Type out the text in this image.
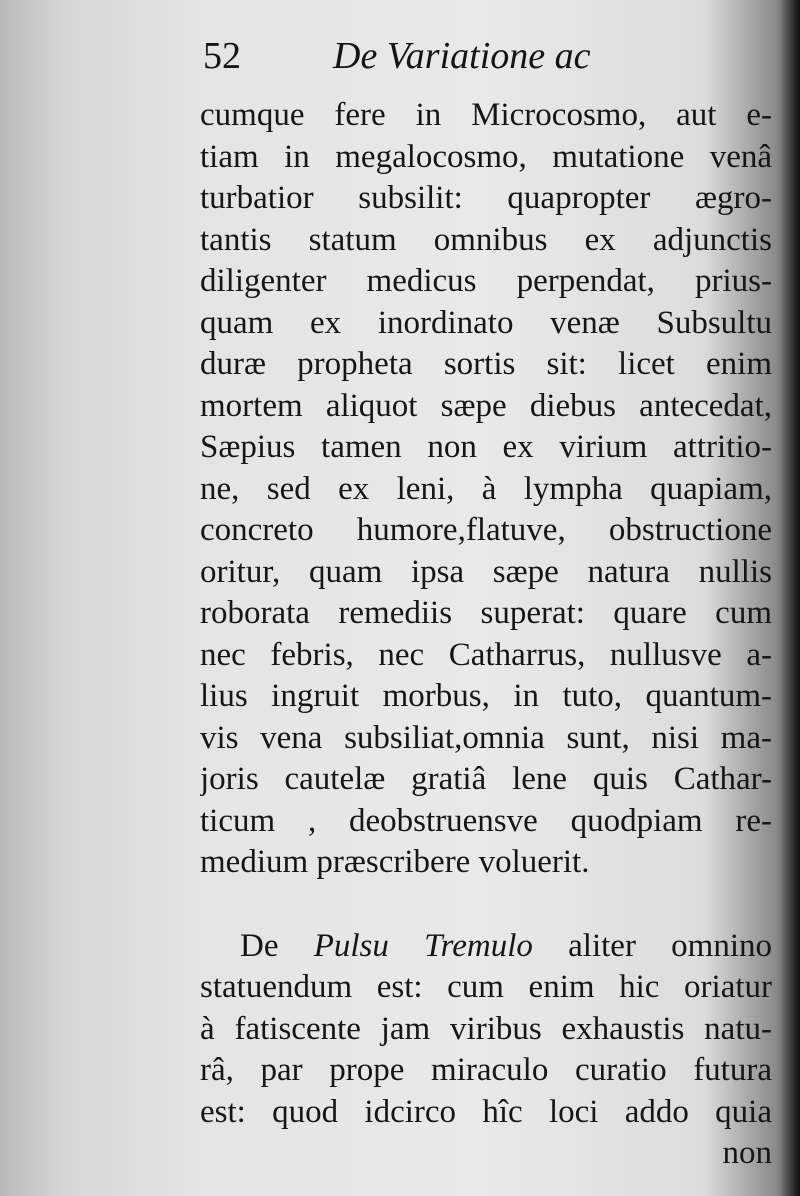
52 De Variatione ac
cumque fere in Microcosmo, aut e-
tiam in megalocosmo, mutatione venâ
turbatior subsilit: quapropter ægro-
tantis statum omnibus ex adjunctis
diligenter medicus perpendat, prius-
quam ex inordinato venæ Subsultu
duræ propheta sortis sit: licet enim
mortem aliquot sæpe diebus antecedat,
Sæpius tamen non ex virium attritio-
ne, sed ex leni, à lympha quapiam,
concreto humore,flatuve, obstructione
oritur, quam ipsa sæpe natura nullis
roborata remediis superat: quare cum
nec febris, nec Catharrus, nullusve a-
lius ingruit morbus, in tuto, quantum-
vis vena subsiliat,omnia sunt, nisi ma-
joris cautelæ gratiâ lene quis Cathar-
ticum , deobstruensve quodpiam re-
medium præscribere voluerit.
De Pulsu Tremulo aliter omnino
statuendum est: cum enim hic oriatur
à fatiscente jam viribus exhaustis natu-
râ, par prope miraculo curatio futura
est: quod idcirco hîc loci addo quia
non
